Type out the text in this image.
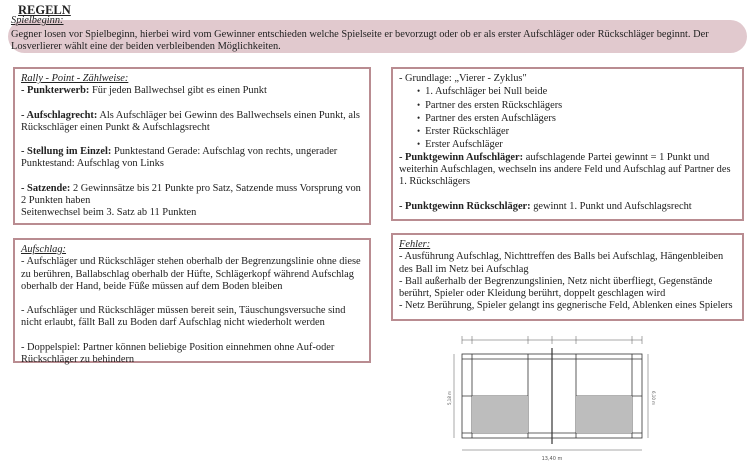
REGELN
Spielbeginn:
Gegner losen vor Spielbeginn, hierbei wird vom Gewinner entschieden welche Spielseite er bevorzugt oder ob er als erster Aufschläger oder Rückschläger beginnt. Der Losverlierer wählt eine der beiden verbleibenden Möglichkeiten.

Rally - Point - Zählweise:

- Punkterwerb: Für jeden Ballwechsel gibt es einen Punkt

- Aufschlagrecht: Als Aufschläger bei Gewinn des Ballwechsels einen Punkt, als Rückschläger einen Punkt & Aufschlagsrecht

- Stellung im Einzel: Punktestand Gerade: Aufschlag von rechts, ungerader Punktestand: Aufschlag von Links

- Satzende: 2 Gewinnsätze bis 21 Punkte pro Satz, Satzende muss Vorsprung von 2 Punkten haben

Seitenwechsel beim 3. Satz ab 11 Punkten

Aufschlag:

- Aufschläger und Rückschläger stehen oberhalb der Begrenzungslinie ohne diese zu berühren, Ballabschlag oberhalb der Hüfte, Schlägerkopf während Aufschlag oberhalb der Hand, beide Füße müssen auf dem Boden bleiben

- Aufschläger und Rückschläger müssen bereit sein, Täuschungsversuche sind nicht erlaubt, fällt Ball zu Boden darf Aufschlag nicht wiederholt werden

- Doppelspiel: Partner können beliebige Position einnehmen ohne Auf-oder Rückschläger zu behindern

- Grundlage: „Vierer - Zyklus"

• 1. Aufschläger bei Null beide
• Partner des ersten Rückschlägers
• Partner des ersten Aufschlägers
• Erster Rückschläger
• Erster Aufschläger

- Punktgewinn Aufschläger: aufschlagende Partei gewinnt = 1 Punkt und weiterhin Aufschlagen, wechseln ins andere Feld und Aufschlag auf Partner des 1. Rückschlägers

- Punktgewinn Rückschläger: gewinnt 1. Punkt und Aufschlagsrecht

Fehler:

- Ausführung Aufschlag, Nichttreffen des Balls bei Aufschlag, Hängenbleiben des Ball im Netz bei Aufschlag

- Ball außerhalb der Begrenzungslinien, Netz nicht überfliegt, Gegenstände berührt, Spieler oder Kleidung berührt, doppelt geschlagen wird

- Netz Berührung, Spieler gelangt ins gegnerische Feld, Ablenken eines Spielers

13,40 m
6,10 m
5,18 m
